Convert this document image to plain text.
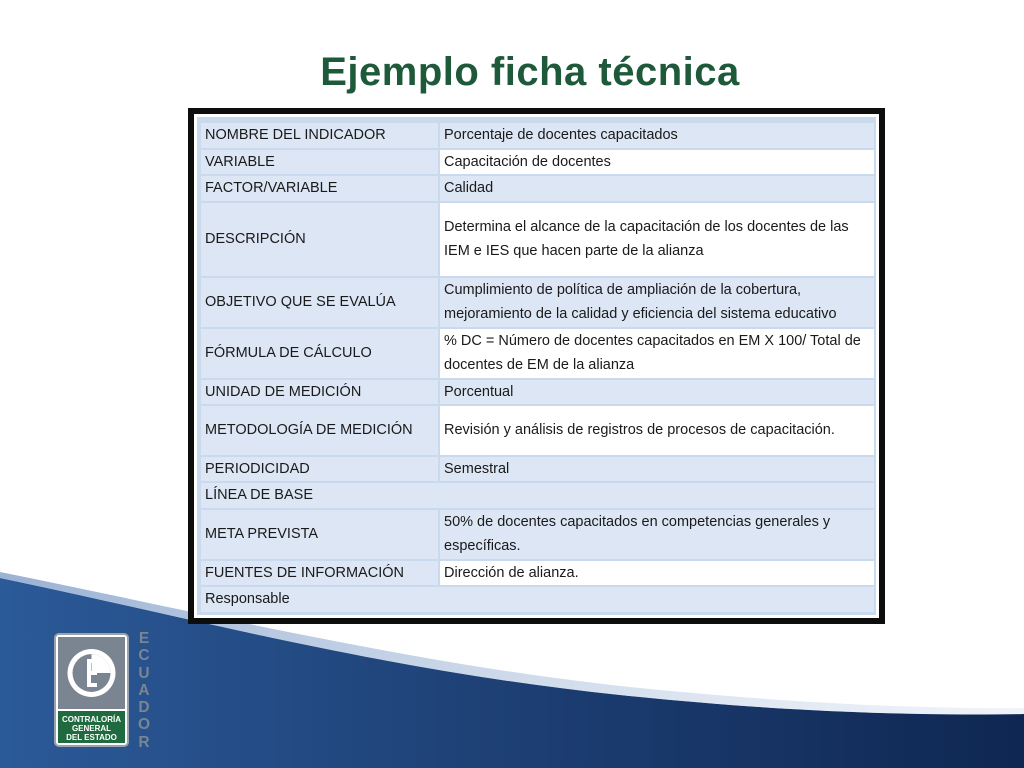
Ejemplo ficha técnica
NOMBRE DEL INDICADOR	Porcentaje de docentes capacitados
VARIABLE	Capacitación de docentes
FACTOR/VARIABLE	Calidad
DESCRIPCIÓN	Determina el alcance de la capacitación de los docentes de las IEM e IES que hacen parte de la alianza
OBJETIVO QUE SE EVALÚA	Cumplimiento de política de ampliación de la cobertura, mejoramiento de la calidad y eficiencia del sistema educativo
FÓRMULA DE CÁLCULO	% DC = Número de docentes capacitados en EM X 100/ Total de docentes de EM de la alianza
UNIDAD DE MEDICIÓN	Porcentual
METODOLOGÍA DE MEDICIÓN	Revisión y análisis de registros de procesos de capacitación.
PERIODICIDAD	Semestral
LÍNEA DE BASE	
META PREVISTA	50% de docentes capacitados en competencias generales y específicas.
FUENTES DE INFORMACIÓN	Dirección de alianza.
Responsable	
CONTRALORÍA
GENERAL
DEL ESTADO
E
C
U
A
D
O
R
